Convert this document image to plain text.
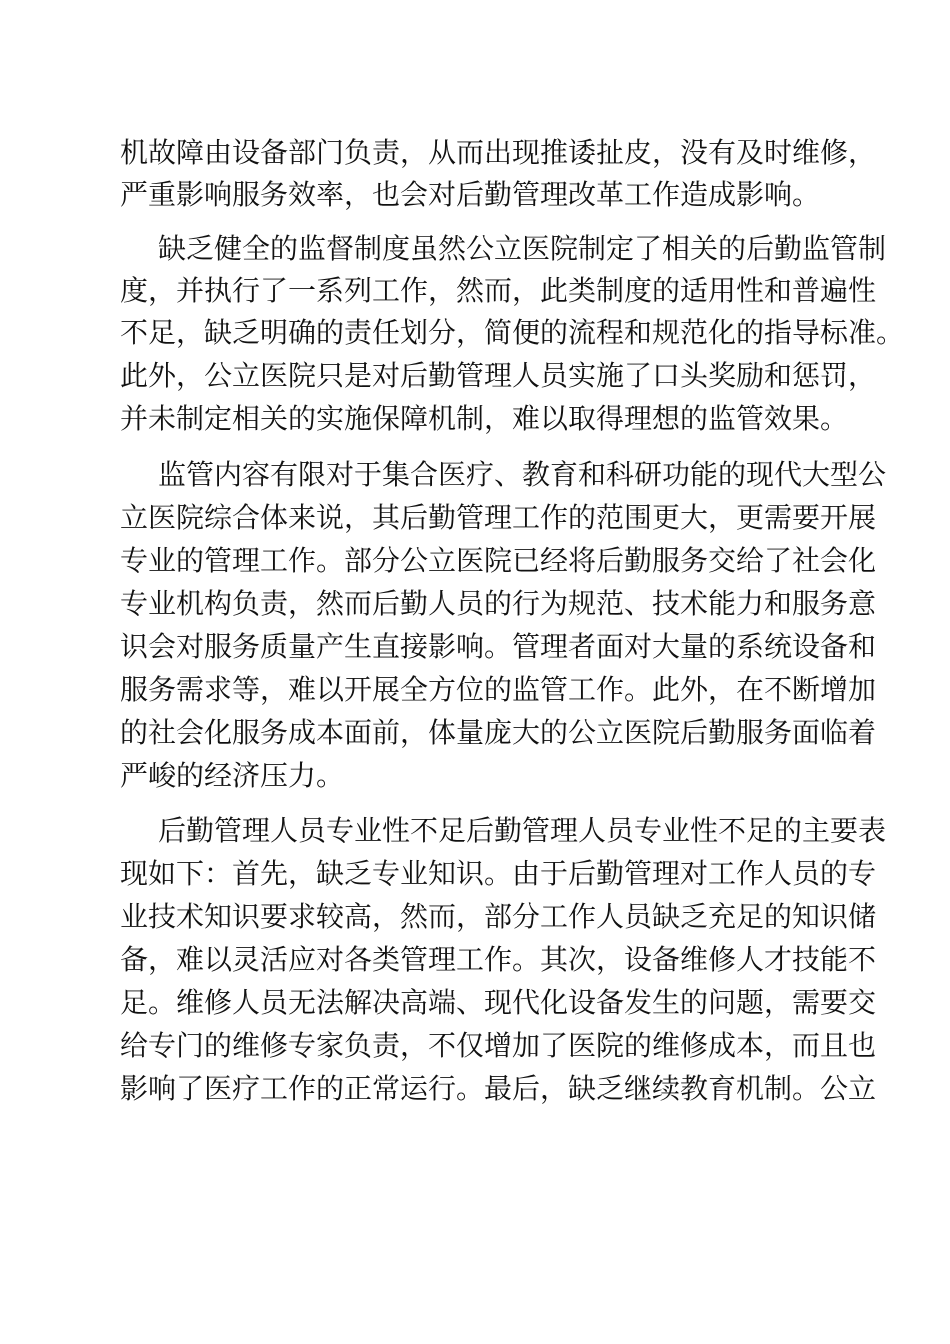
机故障由设备部门负责，从而出现推诿扯皮，没有及时维修，
严重影响服务效率，也会对后勤管理改革工作造成影响。
缺乏健全的监督制度虽然公立医院制定了相关的后勤监管制
度，并执行了一系列工作，然而，此类制度的适用性和普遍性
不足，缺乏明确的责任划分，简便的流程和规范化的指导标准。
此外，公立医院只是对后勤管理人员实施了口头奖励和惩罚，
并未制定相关的实施保障机制，难以取得理想的监管效果。
监管内容有限对于集合医疗、教育和科研功能的现代大型公
立医院综合体来说，其后勤管理工作的范围更大，更需要开展
专业的管理工作。部分公立医院已经将后勤服务交给了社会化
专业机构负责，然而后勤人员的行为规范、技术能力和服务意
识会对服务质量产生直接影响。管理者面对大量的系统设备和
服务需求等，难以开展全方位的监管工作。此外，在不断增加
的社会化服务成本面前，体量庞大的公立医院后勤服务面临着
严峻的经济压力。
后勤管理人员专业性不足后勤管理人员专业性不足的主要表
现如下：首先，缺乏专业知识。由于后勤管理对工作人员的专
业技术知识要求较高，然而，部分工作人员缺乏充足的知识储
备，难以灵活应对各类管理工作。其次，设备维修人才技能不
足。维修人员无法解决高端、现代化设备发生的问题，需要交
给专门的维修专家负责，不仅增加了医院的维修成本，而且也
影响了医疗工作的正常运行。最后，缺乏继续教育机制。公立
